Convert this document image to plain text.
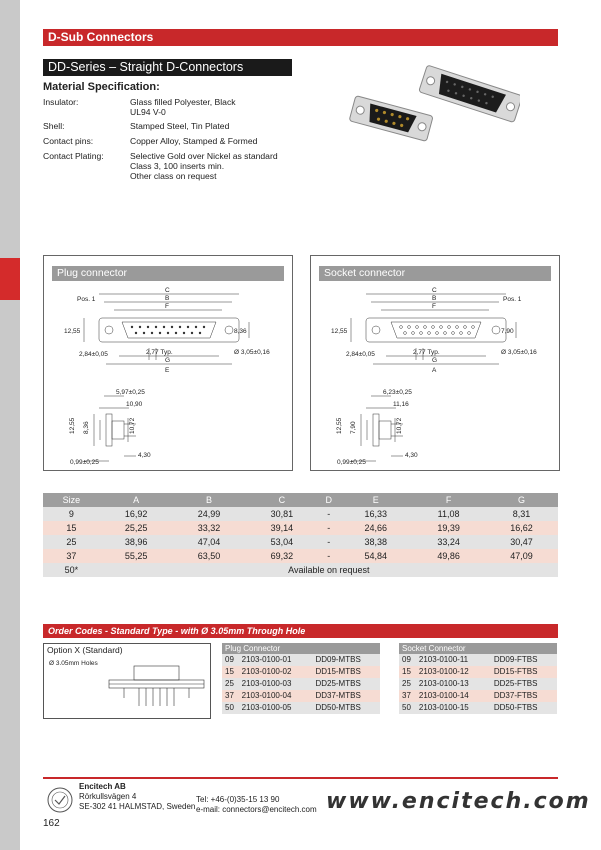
D-Sub Connectors
DD-Series – Straight D-Connectors
Material Specification:
Insulator:	Glass filled Polyester, Black
UL94 V-0
Shell:	Stamped Steel, Tin Plated
Contact pins:	Copper Alloy, Stamped & Formed
Contact Plating:	Selective Gold over Nickel as standard
Class 3, 100 inserts min.
Other class on request
Plug connector
C
B
F
Pos. 1
12,55	8,36
2,84±0,05	2,77 Typ.	Ø 3,05±0,16
G
E
5,97±0,25
10,90
12,55 8,36	10,72
4,30
0,99±0,25
Socket connector
C
B
F
Pos. 1
12,55	7,90
2,84±0,05	2,77 Typ.	Ø 3,05±0,16
G
A
6,23±0,25
11,16
12,55 7,90	10,72
4,30
0,99±0,25
Size	A	B	C	D	E	F	G
9	16,92	24,99	30,81	-	16,33	11,08	8,31
15	25,25	33,32	39,14	-	24,66	19,39	16,62
25	38,96	47,04	53,04	-	38,38	33,24	30,47
37	55,25	63,50	69,32	-	54,84	49,86	47,09
50*	Available on request						
Order Codes - Standard Type - with Ø 3.05mm Through Hole
Option X (Standard)
Ø 3.05mm Holes
Plug Connector		
09	2103-0100-01	DD09-MTBS
15	2103-0100-02	DD15-MTBS
25	2103-0100-03	DD25-MTBS
37	2103-0100-04	DD37-MTBS
50	2103-0100-05	DD50-MTBS
Socket Connector		
09	2103-0100-11	DD09-FTBS
15	2103-0100-12	DD15-FTBS
25	2103-0100-13	DD25-FTBS
37	2103-0100-14	DD37-FTBS
50	2103-0100-15	DD50-FTBS
Encitech AB
Rörkullsvägen 4
SE-302 41 HALMSTAD, Sweden
Tel: +46-(0)35-15 13 90
e-mail: connectors@encitech.com www.encitech.com
162
